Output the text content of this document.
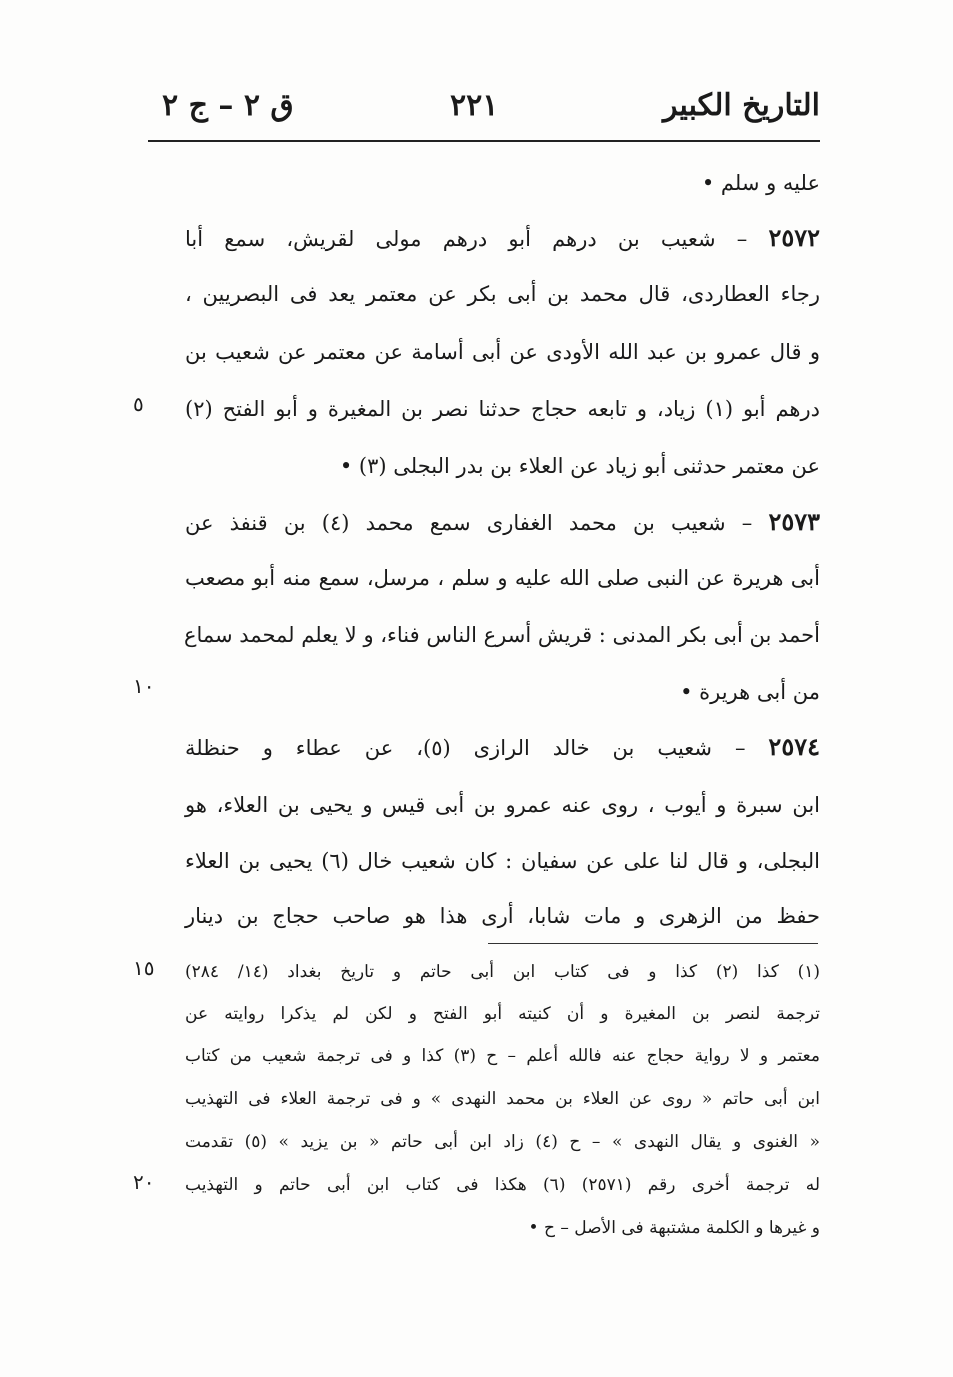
ق ٢ – ج ٢	٢٢١	التاريخ الكبير
عليه و سلم •
٢٥٧٢ – شعيب بن درهم أبو درهم مولى لقريش، سمع أبا
رجاء العطاردى، قال محمد بن أبى بكر عن معتمر يعد فى البصريين ،
و قال عمرو بن عبد الله الأودى عن أبى أسامة عن معتمر عن شعيب بن
درهم أبو (١) زياد، و تابعه حجاج حدثنا نصر بن المغيرة و أبو الفتح (٢)
٥
عن معتمر حدثنى أبو زياد عن العلاء بن بدر البجلى (٣) •
٢٥٧٣ – شعيب بن محمد الغفارى سمع محمد (٤) بن قنفذ عن
أبى هريرة عن النبى صلى الله عليه و سلم ، مرسل، سمع منه أبو مصعب
أحمد بن أبى بكر المدنى : قريش أسرع الناس فناء، و لا يعلم لمحمد سماع
من أبى هريرة •
١٠
٢٥٧٤ – شعيب بن خالد الرازى (٥)، عن عطاء و حنظلة
ابن سبرة و أيوب ، روى عنه عمرو بن أبى قيس و يحيى بن العلاء، هو
البجلى، و قال لنا على عن سفيان : كان شعيب خال (٦) يحيى بن العلاء
حفظ من الزهرى و مات شابا، أرى هذا هو صاحب حجاج بن دينار
(١) كذا (٢) كذا و فى كتاب ابن أبى حاتم و تاريخ بغداد (١٤/ ٢٨٤)
١٥
ترجمة لنصر بن المغيرة و أن كنيته أبو الفتح و لكن لم يذكرا روايته عن
معتمر و لا رواية حجاج عنه فالله أعلم – ح (٣) كذا و فى ترجمة شعيب من كتاب
ابن أبى حاتم « روى عن العلاء بن محمد النهدى » و فى ترجمة العلاء فى التهذيب
« الغنوى و يقال النهدى » – ح (٤) زاد ابن أبى حاتم « بن يزيد » (٥) تقدمت
له ترجمة أخرى رقم (٢٥٧١) (٦) هكذا فى كتاب ابن أبى حاتم و التهذيب
٢٠
و غيرها و الكلمة مشتبهة فى الأصل – ح •
